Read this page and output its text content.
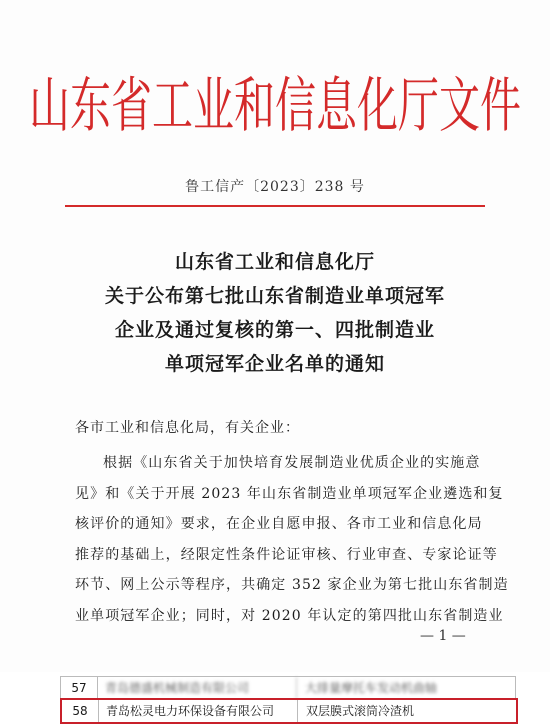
山东省工业和信息化厅文件
鲁工信产〔2023〕238 号
山东省工业和信息化厅
关于公布第七批山东省制造业单项冠军
企业及通过复核的第一、四批制造业
单项冠军企业名单的通知
各市工业和信息化局，有关企业：
根据《山东省关于加快培育发展制造业优质企业的实施意
见》和《关于开展 2023 年山东省制造业单项冠军企业遴选和复
核评价的通知》要求，在企业自愿申报、各市工业和信息化局
推荐的基础上，经限定性条件论证审核、行业审查、专家论证等
环节、网上公示等程序，共确定 352 家企业为第七批山东省制造
业单项冠军企业；同时，对 2020 年认定的第四批山东省制造业
— 1 —
57	青岛德盛机械制造有限公司	大排量摩托车发动机曲轴
58	青岛松灵电力环保设备有限公司	双层膜式滚筒冷渣机
